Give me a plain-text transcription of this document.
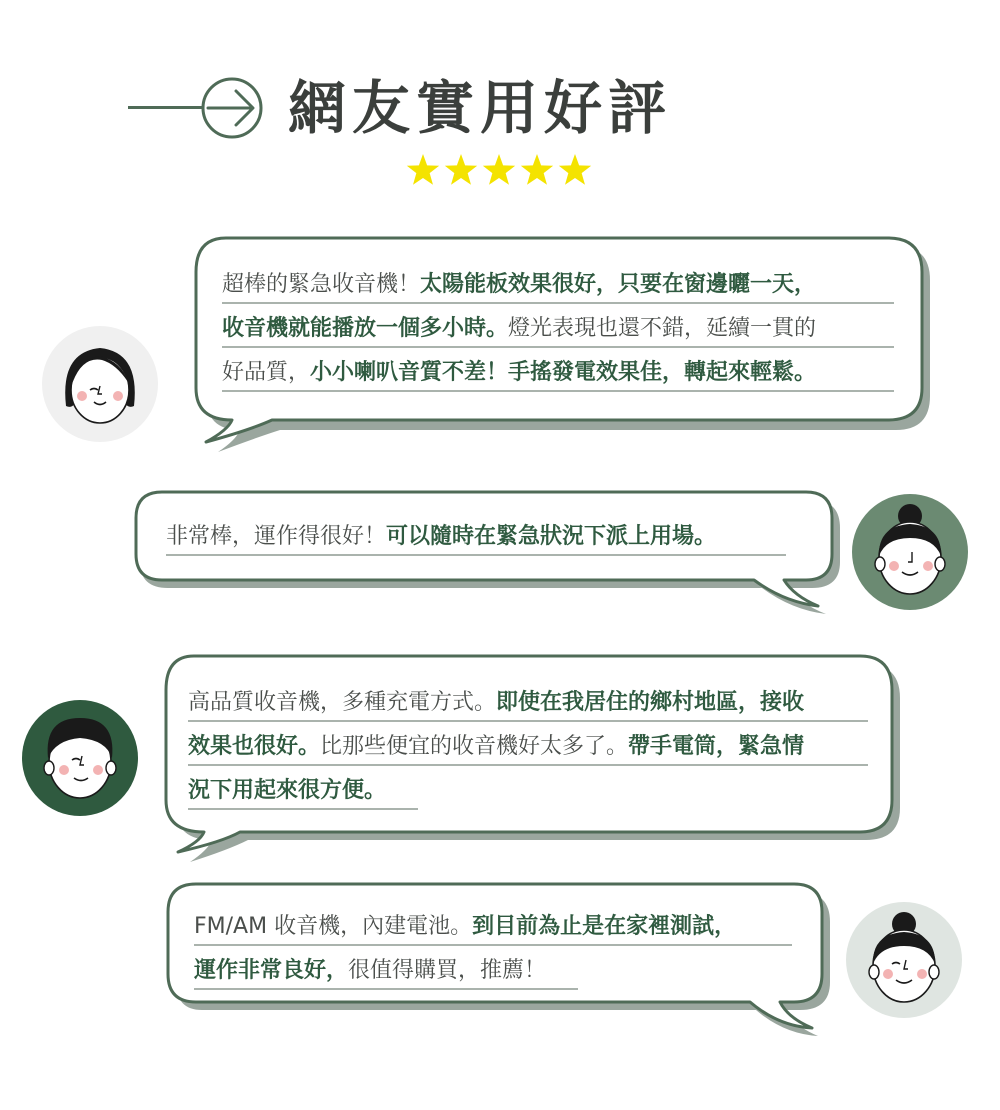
網友實用好評
超棒的緊急收音機！太陽能板效果很好，只要在窗邊曬一天，
收音機就能播放一個多小時。燈光表現也還不錯，延續一貫的
好品質，小小喇叭音質不差！手搖發電效果佳，轉起來輕鬆。
非常棒，運作得很好！可以隨時在緊急狀況下派上用場。
高品質收音機，多種充電方式。即使在我居住的鄉村地區，接收
效果也很好。比那些便宜的收音機好太多了。帶手電筒，緊急情
況下用起來很方便。
FM/AM 收音機，內建電池。到目前為止是在家裡測試，
運作非常良好，很值得購買，推薦！
